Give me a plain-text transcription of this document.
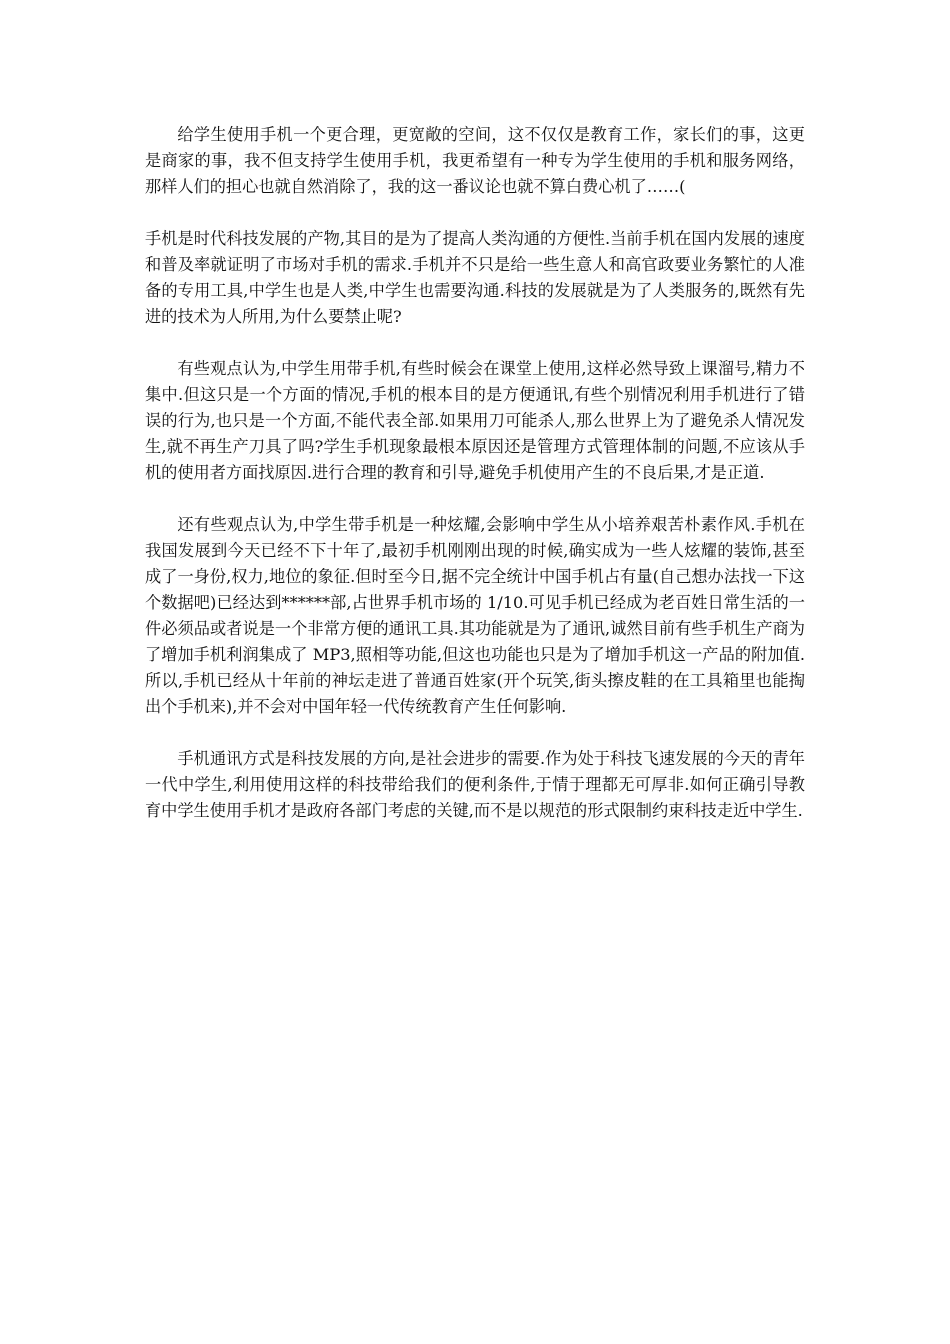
给学生使用手机一个更合理，更宽敞的空间，这不仅仅是教育工作，家长们的事，这更是商家的事，我不但支持学生使用手机，我更希望有一种专为学生使用的手机和服务网络，那样人们的担心也就自然消除了，我的这一番议论也就不算白费心机了……(

手机是时代科技发展的产物,其目的是为了提高人类沟通的方便性.当前手机在国内发展的速度和普及率就证明了市场对手机的需求.手机并不只是给一些生意人和高官政要业务繁忙的人准备的专用工具,中学生也是人类,中学生也需要沟通.科技的发展就是为了人类服务的,既然有先进的技术为人所用,为什么要禁止呢?

有些观点认为,中学生用带手机,有些时候会在课堂上使用,这样必然导致上课溜号,精力不集中.但这只是一个方面的情况,手机的根本目的是方便通讯,有些个别情况利用手机进行了错误的行为,也只是一个方面,不能代表全部.如果用刀可能杀人,那么世界上为了避免杀人情况发生,就不再生产刀具了吗?学生手机现象最根本原因还是管理方式管理体制的问题,不应该从手机的使用者方面找原因.进行合理的教育和引导,避免手机使用产生的不良后果,才是正道.

还有些观点认为,中学生带手机是一种炫耀,会影响中学生从小培养艰苦朴素作风.手机在我国发展到今天已经不下十年了,最初手机刚刚出现的时候,确实成为一些人炫耀的装饰,甚至成了一身份,权力,地位的象征.但时至今日,据不完全统计中国手机占有量(自己想办法找一下这个数据吧)已经达到******部,占世界手机市场的 1/10.可见手机已经成为老百姓日常生活的一件必须品或者说是一个非常方便的通讯工具.其功能就是为了通讯,诚然目前有些手机生产商为了增加手机利润集成了 MP3,照相等功能,但这也功能也只是为了增加手机这一产品的附加值.所以,手机已经从十年前的神坛走进了普通百姓家(开个玩笑,街头擦皮鞋的在工具箱里也能掏出个手机来),并不会对中国年轻一代传统教育产生任何影响.

手机通讯方式是科技发展的方向,是社会进步的需要.作为处于科技飞速发展的今天的青年一代中学生,利用使用这样的科技带给我们的便利条件,于情于理都无可厚非.如何正确引导教育中学生使用手机才是政府各部门考虑的关键,而不是以规范的形式限制约束科技走近中学生.
